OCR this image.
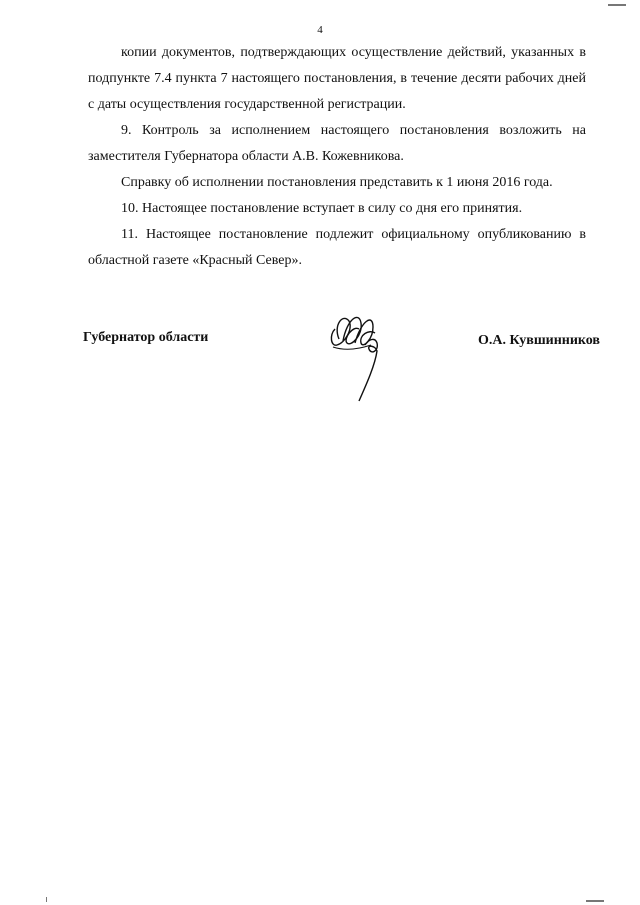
4

копии документов, подтверждающих осуществление действий, указанных в подпункте 7.4 пункта 7 настоящего постановления, в течение десяти рабочих дней с даты осуществления государственной регистрации.

9. Контроль за исполнением настоящего постановления возложить на заместителя Губернатора области А.В. Кожевникова.

Справку об исполнении постановления представить к 1 июня 2016 года.

10. Настоящее постановление вступает в силу со дня его принятия.

11. Настоящее постановление подлежит официальному опубликованию в областной газете «Красный Север».

Губернатор области	О.А. Кувшинников
